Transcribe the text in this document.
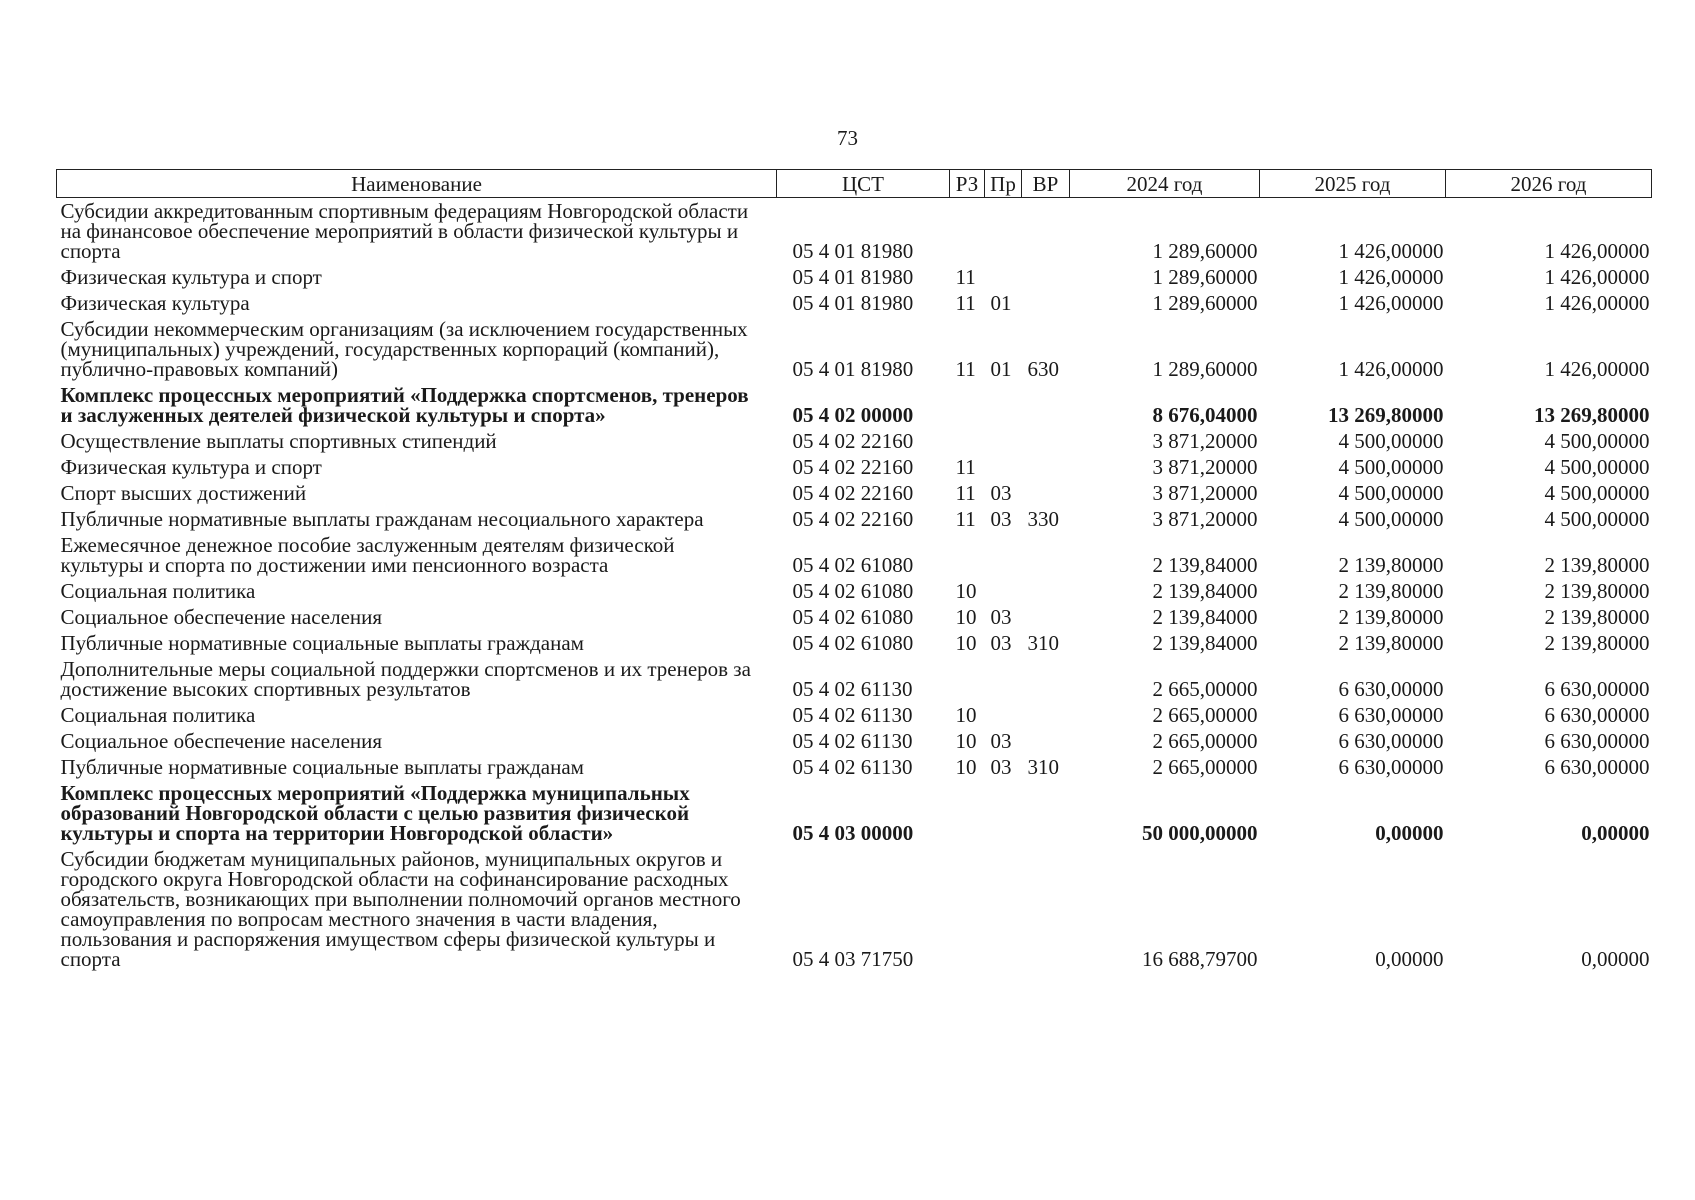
73
Наименование	ЦСТ	РЗ	Пр	ВР	2024 год	2025 год	2026 год
Субсидии аккредитованным спортивным федерациям Новгородской области на финансовое обеспечение мероприятий в области физической культуры и спорта	05 4 01 81980				1 289,60000	1 426,00000	1 426,00000
Физическая культура и спорт	05 4 01 81980	11			1 289,60000	1 426,00000	1 426,00000
Физическая культура	05 4 01 81980	11	01		1 289,60000	1 426,00000	1 426,00000
Субсидии некоммерческим организациям (за исключением государственных (муниципальных) учреждений, государственных корпораций (компаний), публично-правовых компаний)	05 4 01 81980	11	01	630	1 289,60000	1 426,00000	1 426,00000
Комплекс процессных мероприятий «Поддержка спортсменов, тренеров и заслуженных деятелей физической культуры и спорта»	05 4 02 00000				8 676,04000	13 269,80000	13 269,80000
Осуществление выплаты спортивных стипендий	05 4 02 22160				3 871,20000	4 500,00000	4 500,00000
Физическая культура и спорт	05 4 02 22160	11			3 871,20000	4 500,00000	4 500,00000
Спорт высших достижений	05 4 02 22160	11	03		3 871,20000	4 500,00000	4 500,00000
Публичные нормативные выплаты гражданам несоциального характера	05 4 02 22160	11	03	330	3 871,20000	4 500,00000	4 500,00000
Ежемесячное денежное пособие заслуженным деятелям физической культуры и спорта по достижении ими пенсионного возраста	05 4 02 61080				2 139,84000	2 139,80000	2 139,80000
Социальная политика	05 4 02 61080	10			2 139,84000	2 139,80000	2 139,80000
Социальное обеспечение населения	05 4 02 61080	10	03		2 139,84000	2 139,80000	2 139,80000
Публичные нормативные социальные выплаты гражданам	05 4 02 61080	10	03	310	2 139,84000	2 139,80000	2 139,80000
Дополнительные меры социальной поддержки спортсменов и их тренеров за достижение высоких спортивных результатов	05 4 02 61130				2 665,00000	6 630,00000	6 630,00000
Социальная политика	05 4 02 61130	10			2 665,00000	6 630,00000	6 630,00000
Социальное обеспечение населения	05 4 02 61130	10	03		2 665,00000	6 630,00000	6 630,00000
Публичные нормативные социальные выплаты гражданам	05 4 02 61130	10	03	310	2 665,00000	6 630,00000	6 630,00000
Комплекс процессных мероприятий «Поддержка муниципальных образований Новгородской области с целью развития физической культуры и спорта на территории Новгородской области»	05 4 03 00000				50 000,00000	0,00000	0,00000
Субсидии бюджетам муниципальных районов, муниципальных округов и городского округа Новгородской области на софинансирование расходных обязательств, возникающих при выполнении полномочий органов местного самоуправления по вопросам местного значения в части владения, пользования и распоряжения имуществом сферы физической культуры и спорта	05 4 03 71750				16 688,79700	0,00000	0,00000
